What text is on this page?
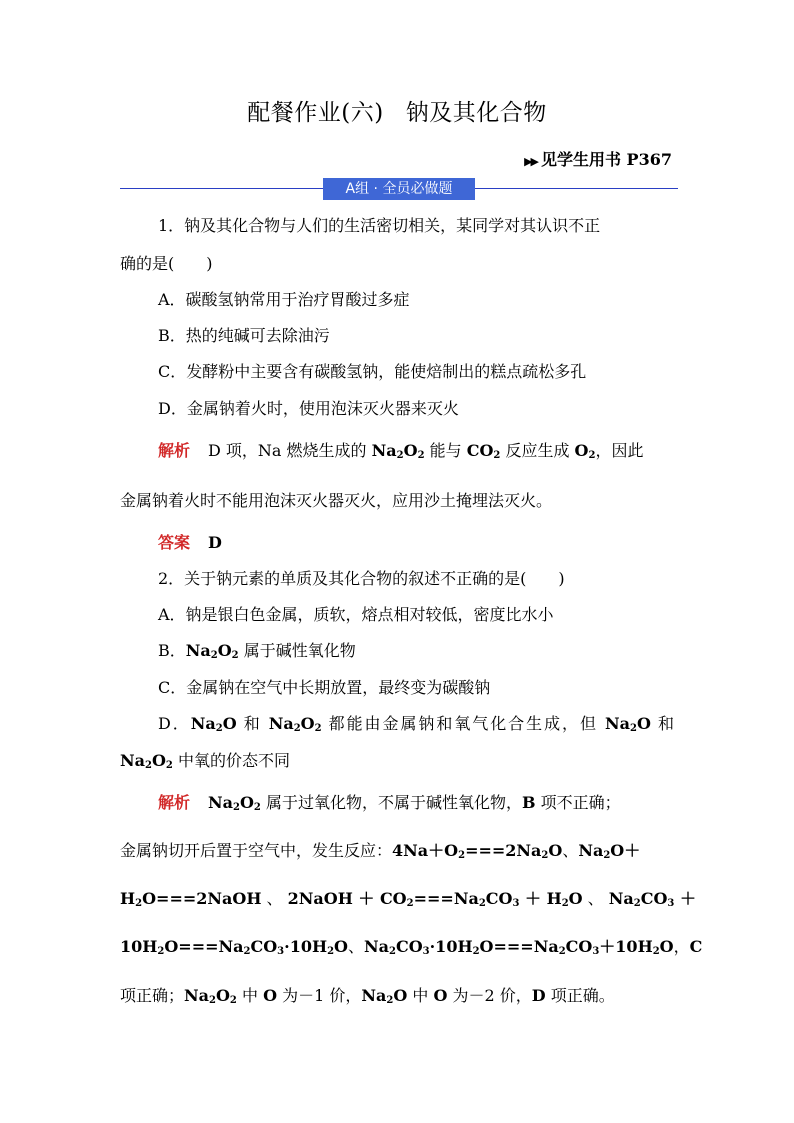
配餐作业(六) 钠及其化合物
▶▶ 见学生用书 P367
A组 · 全员必做题
1．钠及其化合物与人们的生活密切相关，某同学对其认识不正
确的是(　　)
A．碳酸氢钠常用于治疗胃酸过多症
B．热的纯碱可去除油污
C．发酵粉中主要含有碳酸氢钠，能使焙制出的糕点疏松多孔
D．金属钠着火时，使用泡沫灭火器来灭火
解析 D 项，Na 燃烧生成的 $Na_2O_2$ 能与 $CO_2$ 反应生成 $O_2$，因此
金属钠着火时不能用泡沫灭火器灭火，应用沙土掩埋法灭火。
答案 D
2．关于钠元素的单质及其化合物的叙述不正确的是(　　)
A．钠是银白色金属，质软，熔点相对较低，密度比水小
B．$Na_2O_2$ 属于碱性氧化物
C．金属钠在空气中长期放置，最终变为碳酸钠
D．$Na_2O$ 和 $Na_2O_2$ 都能由金属钠和氧气化合生成，但 $Na_2O$ 和
$Na_2O_2$ 中氧的价态不同
解析 $Na_2O_2$ 属于过氧化物，不属于碱性氧化物，B 项不正确；
金属钠切开后置于空气中，发生反应：$4Na+O_2===2Na_2O$、$Na_2O+$
$H_2O===2NaOH$ 、 2NaOH ＋ $CO_2===Na_2CO_3 + H_2O$ 、 $Na_2CO_3$ ＋
$10H_2O===Na_2CO_3\cdot 10H_2O$、$Na_2CO_3\cdot 10H_2O===Na_2CO_3+10H_2O$，C
项正确；$Na_2O_2$ 中 O 为－1 价，$Na_2O$ 中 O 为－2 价，D 项正确。
